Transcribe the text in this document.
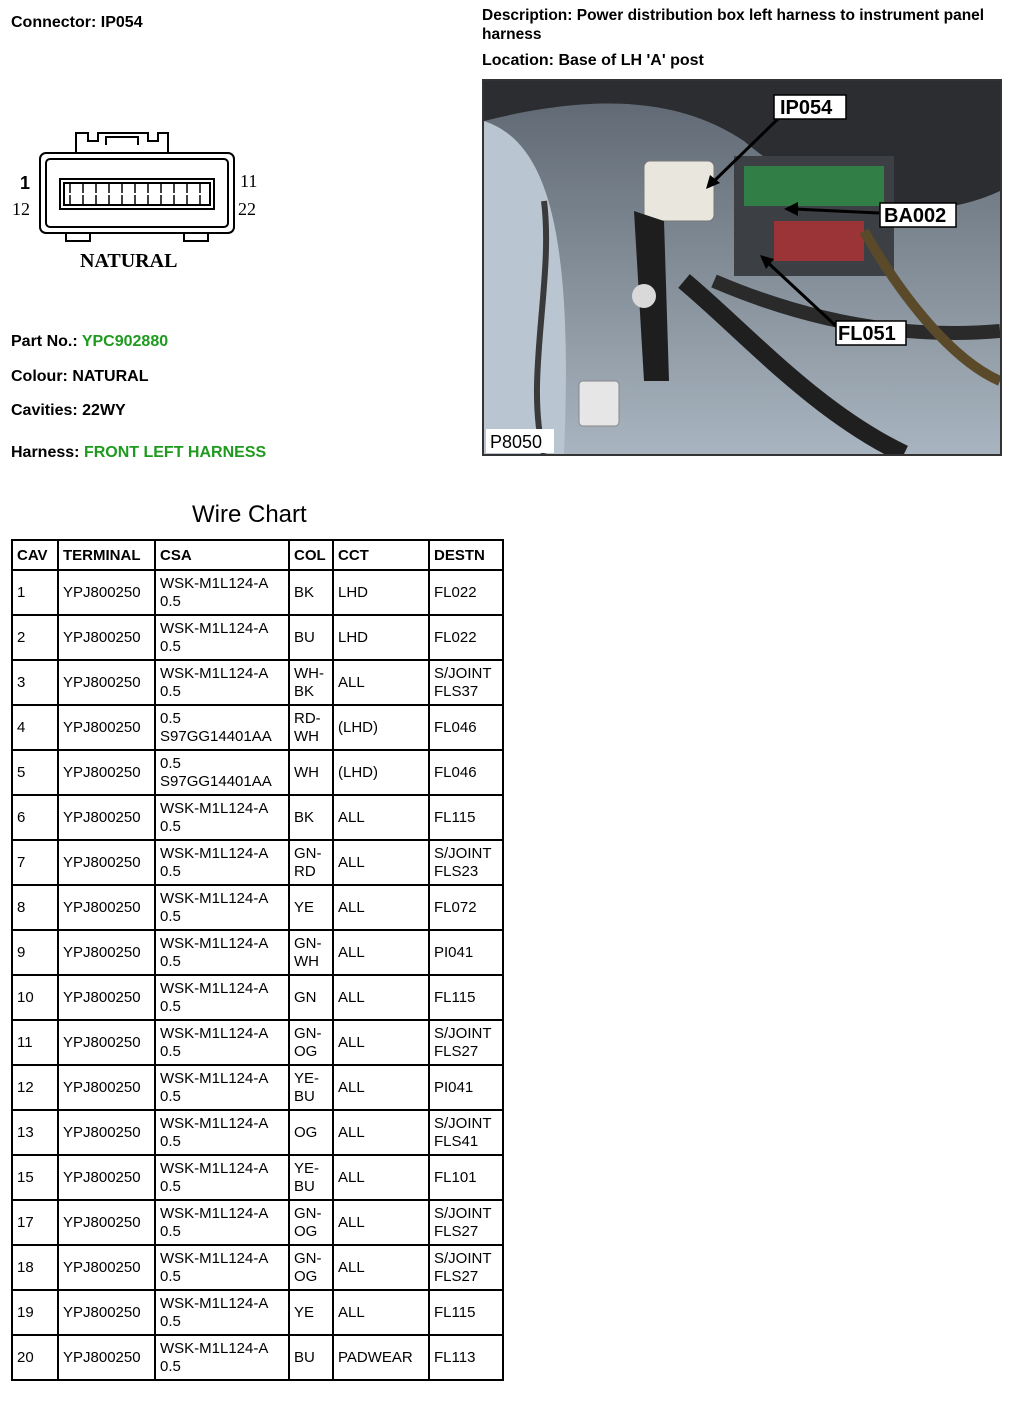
Connector: IP054	Description: Power distribution box left harness to instrument panel harness
Location: Base of LH 'A' post
1
12
11
22
NATURAL
IP054
BA002
FL051
P8050
Part No.: YPC902880
Colour: NATURAL
Cavities: 22WY
Harness: FRONT LEFT HARNESS
Wire Chart
CAV	TERMINAL	CSA	COL	CCT	DESTN
1	YPJ800250	WSK-M1L124-A 0.5	BK	LHD	FL022
2	YPJ800250	WSK-M1L124-A 0.5	BU	LHD	FL022
3	YPJ800250	WSK-M1L124-A 0.5	WH-BK	ALL	S/JOINT FLS37
4	YPJ800250	0.5 S97GG14401AA	RD-WH	(LHD)	FL046
5	YPJ800250	0.5 S97GG14401AA	WH	(LHD)	FL046
6	YPJ800250	WSK-M1L124-A 0.5	BK	ALL	FL115
7	YPJ800250	WSK-M1L124-A 0.5	GN-RD	ALL	S/JOINT FLS23
8	YPJ800250	WSK-M1L124-A 0.5	YE	ALL	FL072
9	YPJ800250	WSK-M1L124-A 0.5	GN-WH	ALL	PI041
10	YPJ800250	WSK-M1L124-A 0.5	GN	ALL	FL115
11	YPJ800250	WSK-M1L124-A 0.5	GN-OG	ALL	S/JOINT FLS27
12	YPJ800250	WSK-M1L124-A 0.5	YE-BU	ALL	PI041
13	YPJ800250	WSK-M1L124-A 0.5	OG	ALL	S/JOINT FLS41
15	YPJ800250	WSK-M1L124-A 0.5	YE-BU	ALL	FL101
17	YPJ800250	WSK-M1L124-A 0.5	GN-OG	ALL	S/JOINT FLS27
18	YPJ800250	WSK-M1L124-A 0.5	GN-OG	ALL	S/JOINT FLS27
19	YPJ800250	WSK-M1L124-A 0.5	YE	ALL	FL115
20	YPJ800250	WSK-M1L124-A 0.5	BU	PADWEAR	FL113
